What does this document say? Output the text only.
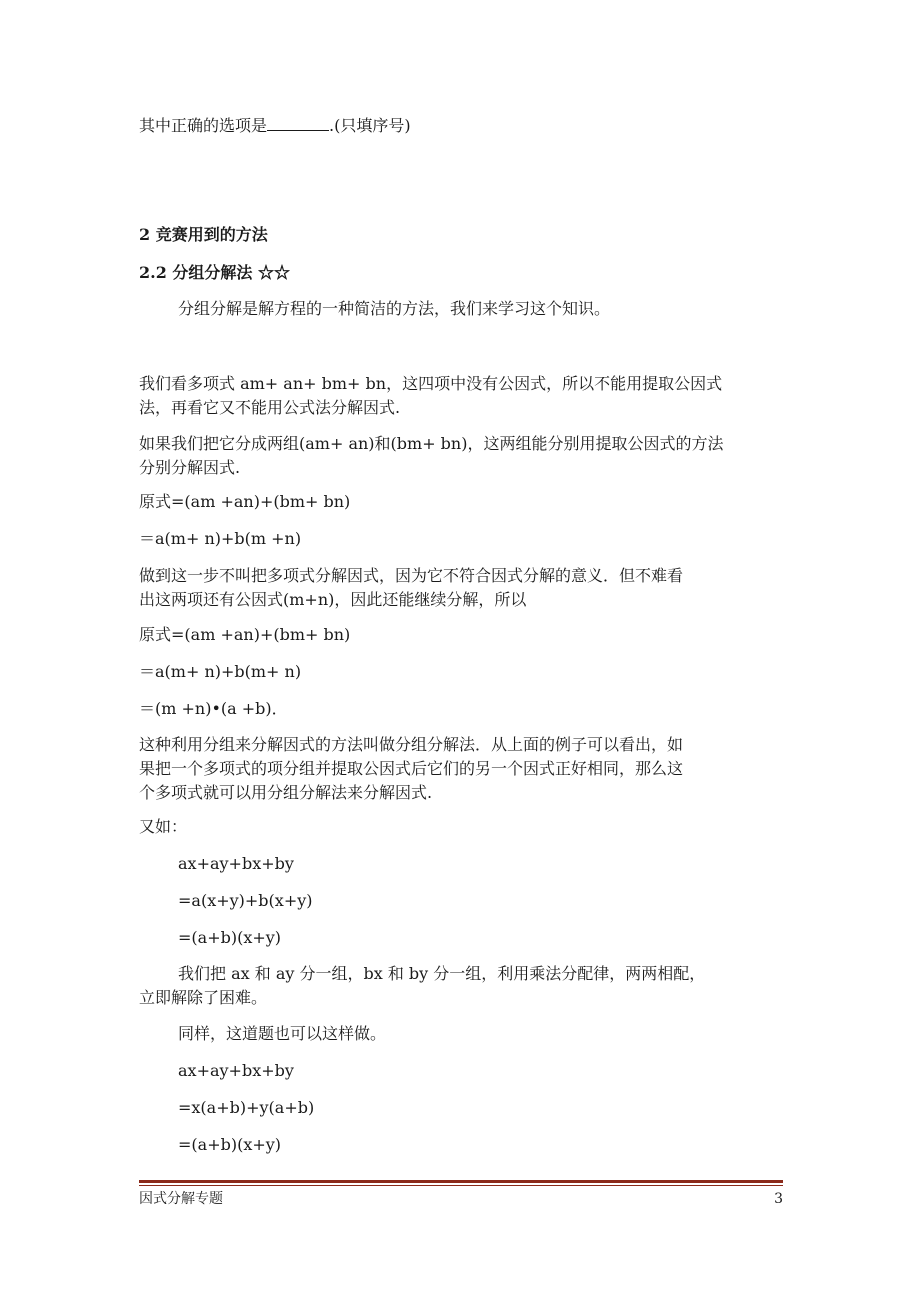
其中正确的选项是	.(只填序号)
2 竞赛用到的方法
2.2 分组分解法 ☆☆
分组分解是解方程的一种简洁的方法，我们来学习这个知识。
我们看多项式 am+ an+ bm+ bn，这四项中没有公因式，所以不能用提取公因式
法，再看它又不能用公式法分解因式.
如果我们把它分成两组(am+ an)和(bm+ bn)，这两组能分别用提取公因式的方法
分别分解因式.
原式=(am +an)+(bm+ bn)
＝a(m+ n)+b(m +n)
做到这一步不叫把多项式分解因式，因为它不符合因式分解的意义．但不难看
出这两项还有公因式(m+n)，因此还能继续分解，所以
原式=(am +an)+(bm+ bn)
＝a(m+ n)+b(m+ n)
＝(m +n)•(a +b)．
这种利用分组来分解因式的方法叫做分组分解法．从上面的例子可以看出，如
果把一个多项式的项分组并提取公因式后它们的另一个因式正好相同，那么这
个多项式就可以用分组分解法来分解因式.
又如：
ax+ay+bx+by
=a(x+y)+b(x+y)
=(a+b)(x+y)
我们把 ax 和 ay 分一组，bx 和 by 分一组，利用乘法分配律，两两相配，
立即解除了困难。
同样，这道题也可以这样做。
ax+ay+bx+by
=x(a+b)+y(a+b)
=(a+b)(x+y)
因式分解专题	3
